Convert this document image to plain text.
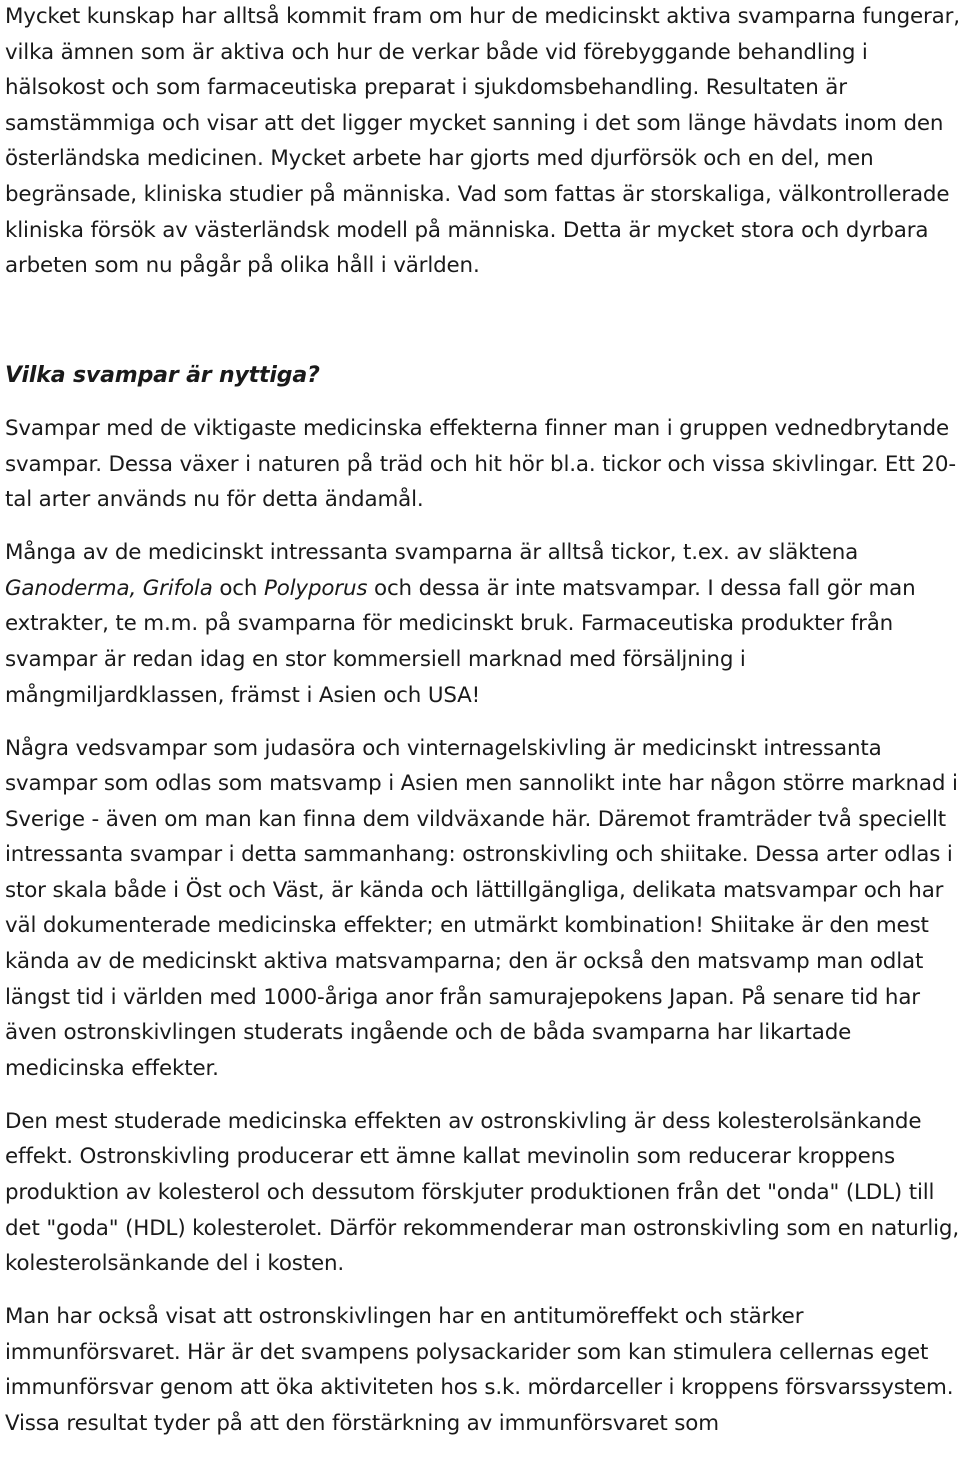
Mycket kunskap har alltså kommit fram om hur de medicinskt aktiva svamparna fungerar, vilka ämnen som är aktiva och hur de verkar både vid förebyggande behandling i hälsokost och som farmaceutiska preparat i sjukdomsbehandling. Resultaten är samstämmiga och visar att det ligger mycket sanning i det som länge hävdats inom den österländska medicinen. Mycket arbete har gjorts med djurförsök och en del, men begränsade, kliniska studier på människa. Vad som fattas är storskaliga, välkontrollerade kliniska försök av västerländsk modell på människa. Detta är mycket stora och dyrbara arbeten som nu pågår på olika håll i världen.

Vilka svampar är nyttiga?

Svampar med de viktigaste medicinska effekterna finner man i gruppen vednedbrytande svampar. Dessa växer i naturen på träd och hit hör bl.a. tickor och vissa skivlingar. Ett 20-tal arter används nu för detta ändamål.

Många av de medicinskt intressanta svamparna är alltså tickor, t.ex. av släktena Ganoderma, Grifola och Polyporus och dessa är inte matsvampar. I dessa fall gör man extrakter, te m.m. på svamparna för medicinskt bruk. Farmaceutiska produkter från svampar är redan idag en stor kommersiell marknad med försäljning i mångmiljardklassen, främst i Asien och USA!

Några vedsvampar som judasöra och vinternagelskivling är medicinskt intressanta svampar som odlas som matsvamp i Asien men sannolikt inte har någon större marknad i Sverige - även om man kan finna dem vildväxande här. Däremot framträder två speciellt intressanta svampar i detta sammanhang: ostronskivling och shiitake. Dessa arter odlas i stor skala både i Öst och Väst, är kända och lättillgängliga, delikata matsvampar och har väl dokumenterade medicinska effekter; en utmärkt kombination! Shiitake är den mest kända av de medicinskt aktiva matsvamparna; den är också den matsvamp man odlat längst tid i världen med 1000-åriga anor från samurajepokens Japan. På senare tid har även ostronskivlingen studerats ingående och de båda svamparna har likartade medicinska effekter.

Den mest studerade medicinska effekten av ostronskivling är dess kolesterolsänkande effekt. Ostronskivling producerar ett ämne kallat mevinolin som reducerar kroppens produktion av kolesterol och dessutom förskjuter produktionen från det "onda" (LDL) till det "goda" (HDL) kolesterolet. Därför rekommenderar man ostronskivling som en naturlig, kolesterolsänkande del i kosten.

Man har också visat att ostronskivlingen har en antitumöreffekt och stärker immunförsvaret. Här är det svampens polysackarider som kan stimulera cellernas eget immunförsvar genom att öka aktiviteten hos s.k. mördarceller i kroppens försvarssystem. Vissa resultat tyder på att den förstärkning av immunförsvaret som
